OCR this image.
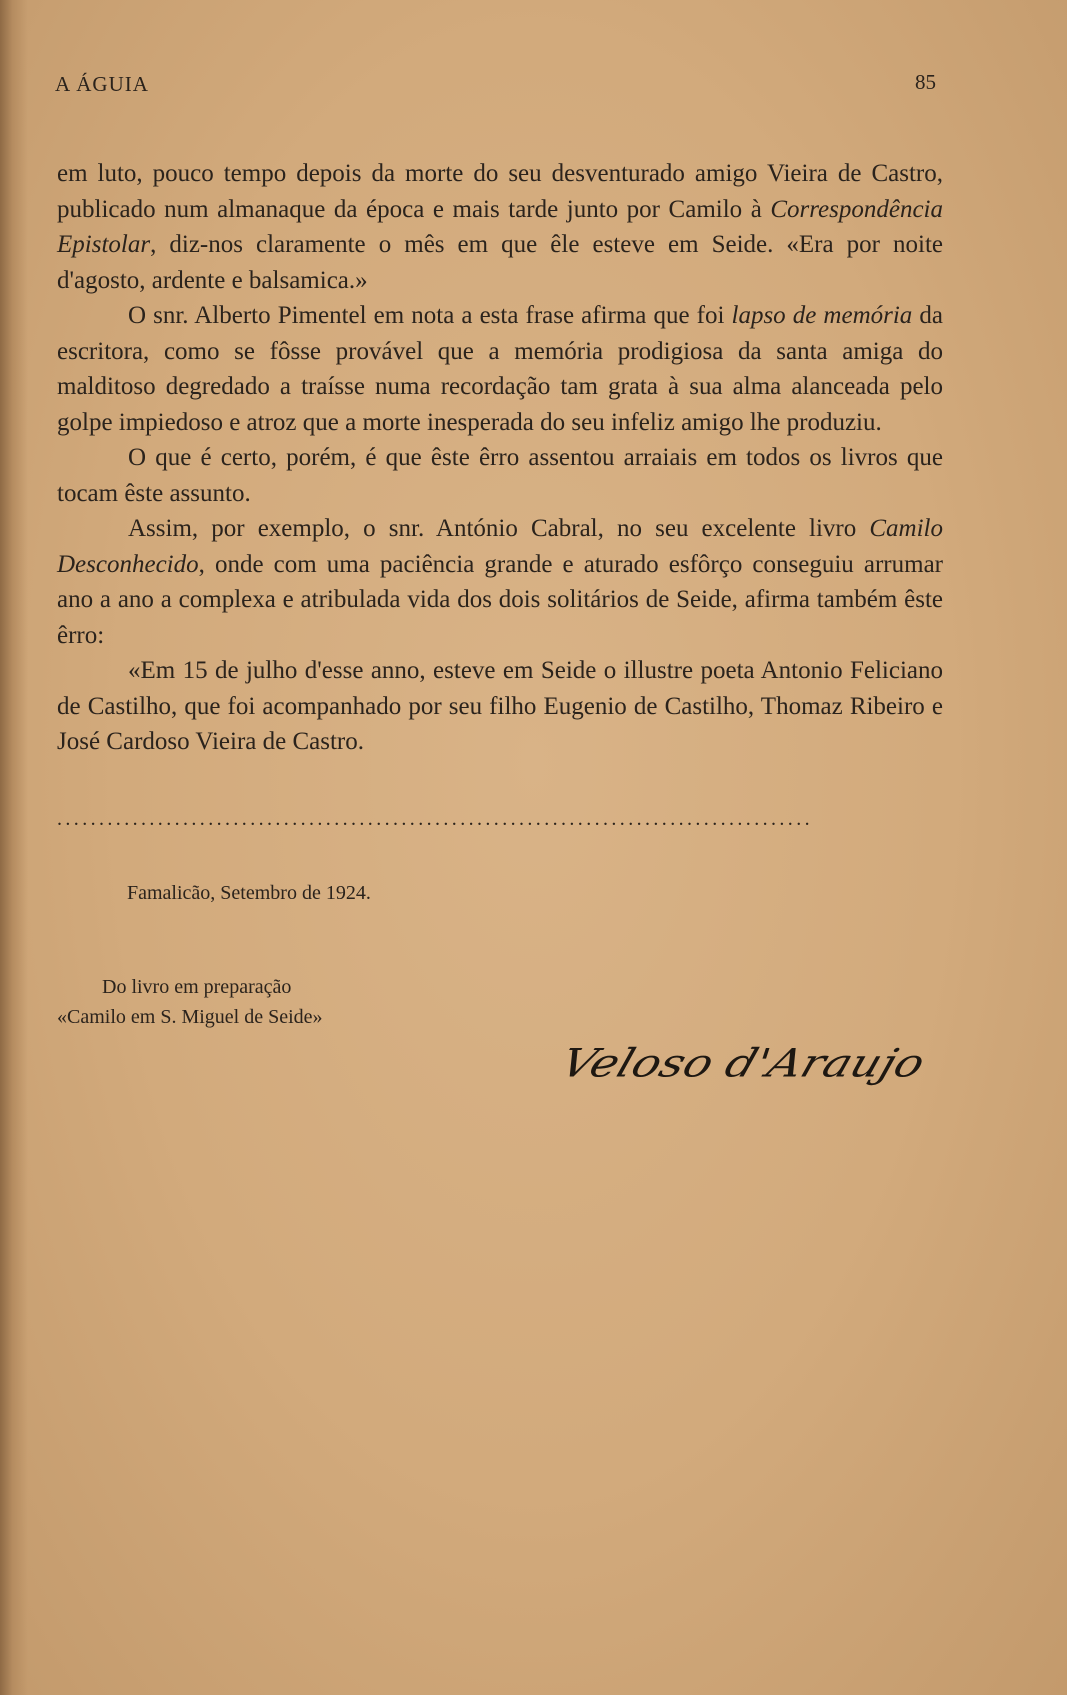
A ÁGUIA	85

em luto, pouco tempo depois da morte do seu desventurado amigo Vieira de Castro, publicado num almanaque da época e mais tarde junto por Camilo à Correspondência Epistolar, diz-nos claramente o mês em que êle esteve em Seide. «Era por noite d'agosto, ardente e balsamica.»

O snr. Alberto Pimentel em nota a esta frase afirma que foi lapso de memória da escritora, como se fôsse provável que a memória prodigiosa da santa amiga do malditoso degredado a traísse numa recordação tam grata à sua alma alanceada pelo golpe impiedoso e atroz que a morte inesperada do seu infeliz amigo lhe produziu.

O que é certo, porém, é que êste êrro assentou arraiais em todos os livros que tocam êste assunto.

Assim, por exemplo, o snr. António Cabral, no seu excelente livro Camilo Desconhecido, onde com uma paciência grande e aturado esfôrço conseguiu arrumar ano a ano a complexa e atribulada vida dos dois solitários de Seide, afirma também êste êrro:

«Em 15 de julho d'esse anno, esteve em Seide o illustre poeta Antonio Feliciano de Castilho, que foi acompanhado por seu filho Eugenio de Castilho, Thomaz Ribeiro e José Cardoso Vieira de Castro.

..........................................................................................
Famalicão, Setembro de 1924.
Do livro em preparação
«Camilo em S. Miguel de Seide»
Veloso d'Araujo
